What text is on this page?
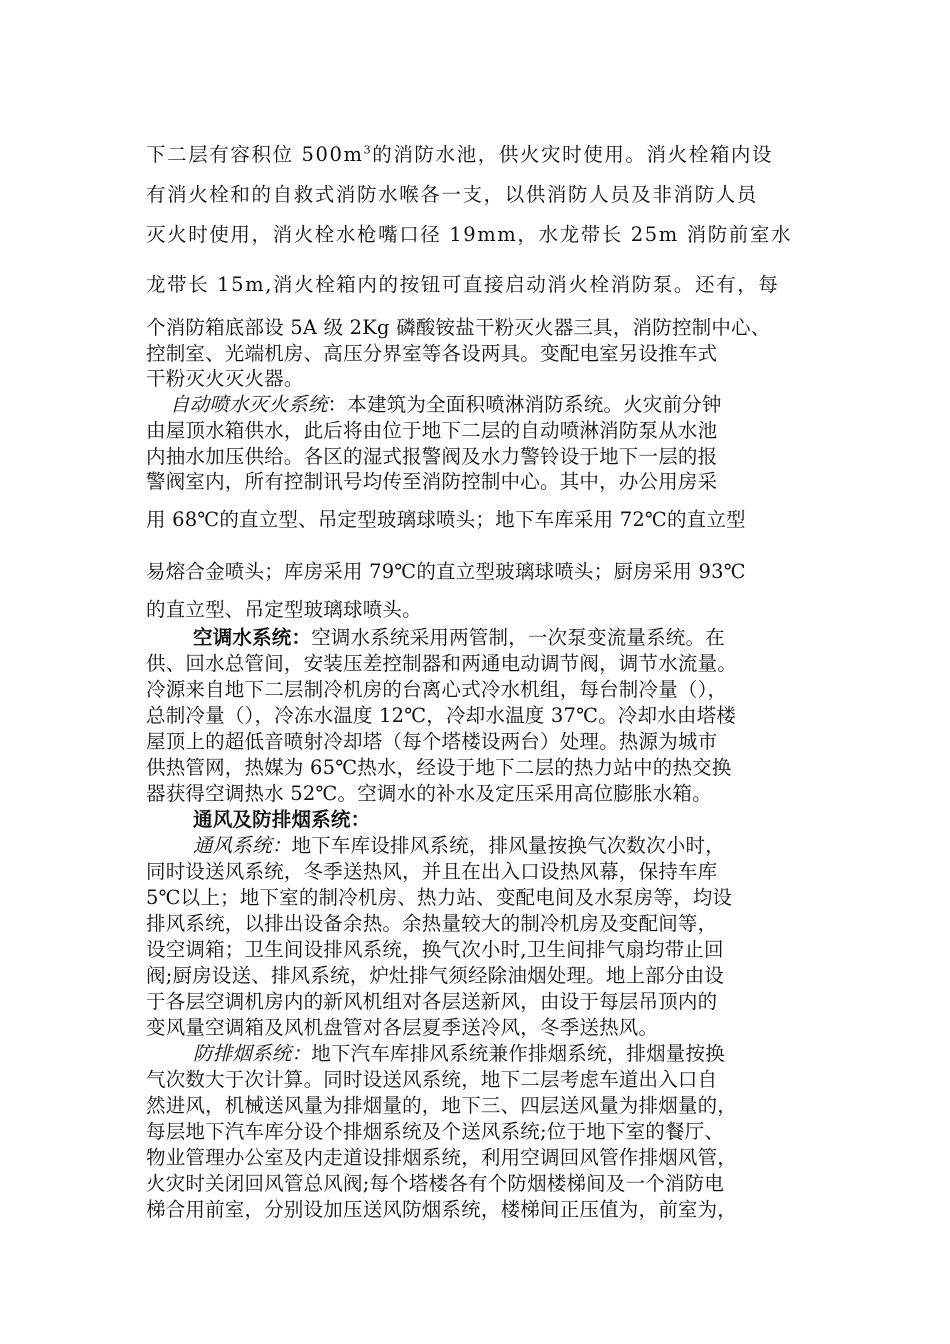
下二层有容积位 $500m^3$的消防水池，供火灾时使用。消火栓箱内设
有消火栓和的自救式消防水喉各一支，以供消防人员及非消防人员
灭火时使用，消火栓水枪嘴口径 19mm，水龙带长 25m 消防前室水
龙带长 15m,消火栓箱内的按钮可直接启动消火栓消防泵。还有，每
个消防箱底部设 5A 级 2Kg 磷酸铵盐干粉灭火器三具，消防控制中心、
控制室、光端机房、高压分界室等各设两具。变配电室另设推车式
干粉灭火灭火器。
自动喷水灭火系统：本建筑为全面积喷淋消防系统。火灾前分钟
由屋顶水箱供水，此后将由位于地下二层的自动喷淋消防泵从水池
内抽水加压供给。各区的湿式报警阀及水力警铃设于地下一层的报
警阀室内，所有控制讯号均传至消防控制中心。其中，办公用房采
用 68℃的直立型、吊定型玻璃球喷头；地下车库采用 72℃的直立型
易熔合金喷头；库房采用 79℃的直立型玻璃球喷头；厨房采用 93℃
的直立型、吊定型玻璃球喷头。
空调水系统：空调水系统采用两管制，一次泵变流量系统。在
供、回水总管间，安装压差控制器和两通电动调节阀，调节水流量。
冷源来自地下二层制冷机房的台离心式冷水机组，每台制冷量（），
总制冷量（），冷冻水温度 12℃，冷却水温度 37℃。冷却水由塔楼
屋顶上的超低音喷射冷却塔（每个塔楼设两台）处理。热源为城市
供热管网，热媒为 65℃热水，经设于地下二层的热力站中的热交换
器获得空调热水 52℃。空调水的补水及定压采用高位膨胀水箱。
通风及防排烟系统：
通风系统：地下车库设排风系统，排风量按换气次数次小时，
同时设送风系统，冬季送热风，并且在出入口设热风幕，保持车库
5℃以上；地下室的制冷机房、热力站、变配电间及水泵房等，均设
排风系统，以排出设备余热。余热量较大的制冷机房及变配间等，
设空调箱；卫生间设排风系统，换气次小时,卫生间排气扇均带止回
阀;厨房设送、排风系统，炉灶排气须经除油烟处理。地上部分由设
于各层空调机房内的新风机组对各层送新风，由设于每层吊顶内的
变风量空调箱及风机盘管对各层夏季送冷风，冬季送热风。
防排烟系统：地下汽车库排风系统兼作排烟系统，排烟量按换
气次数大于次计算。同时设送风系统，地下二层考虑车道出入口自
然进风，机械送风量为排烟量的，地下三、四层送风量为排烟量的，
每层地下汽车库分设个排烟系统及个送风系统;位于地下室的餐厅、
物业管理办公室及内走道设排烟系统，利用空调回风管作排烟风管，
火灾时关闭回风管总风阀;每个塔楼各有个防烟楼梯间及一个消防电
梯合用前室，分别设加压送风防烟系统，楼梯间正压值为，前室为，
